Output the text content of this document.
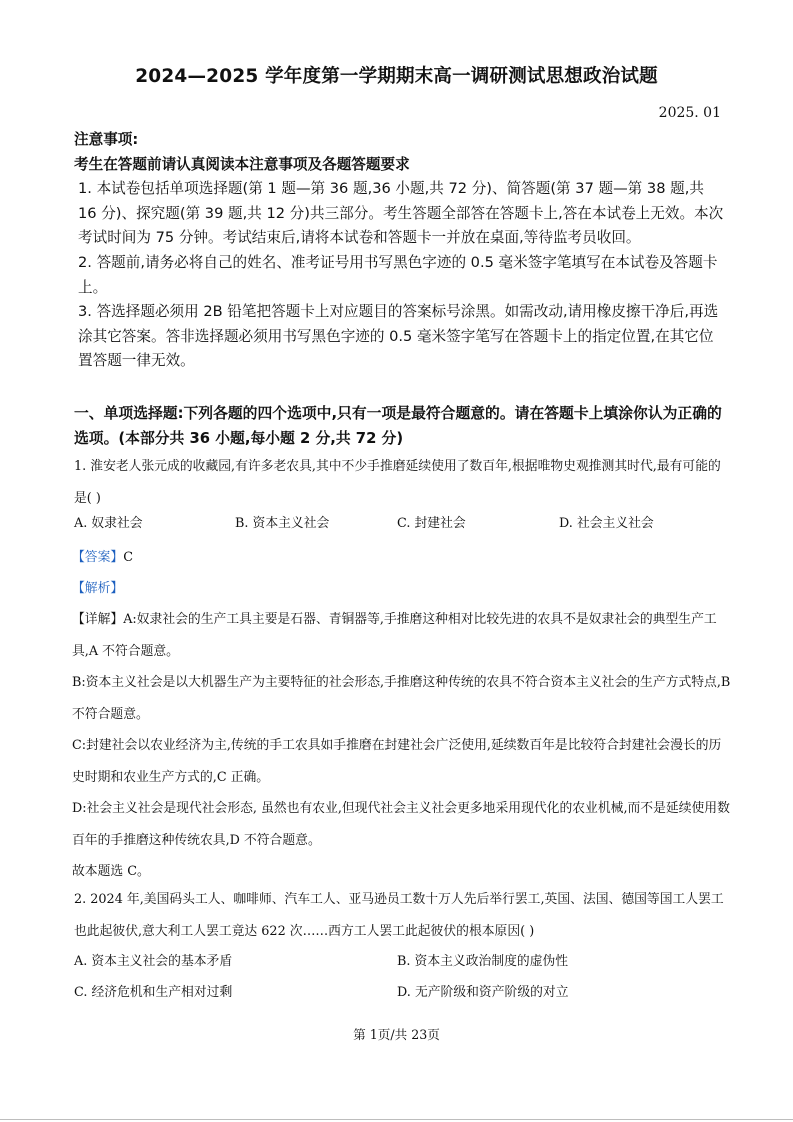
2024—2025 学年度第一学期期末高一调研测试思想政治试题
2025. 01

注意事项:

考生在答题前请认真阅读本注意事项及各题答题要求

1. 本试卷包括单项选择题(第 1 题—第 36 题,36 小题,共 72 分)、简答题(第 37 题—第 38 题,共 16 分)、探究题(第 39 题,共 12 分)共三部分。考生答题全部答在答题卡上,答在本试卷上无效。本次考试时间为 75 分钟。考试结束后,请将本试卷和答题卡一并放在桌面,等待监考员收回。

2. 答题前,请务必将自己的姓名、准考证号用书写黑色字迹的 0.5 毫米签字笔填写在本试卷及答题卡上。

3. 答选择题必须用 2B 铅笔把答题卡上对应题目的答案标号涂黑。如需改动,请用橡皮擦干净后,再选涂其它答案。答非选择题必须用书写黑色字迹的 0.5 毫米签字笔写在答题卡上的指定位置,在其它位置答题一律无效。

一、单项选择题:下列各题的四个选项中,只有一项是最符合题意的。请在答题卡上填涂你认为正确的选项。(本部分共 36 小题,每小题 2 分,共 72 分)

1. 淮安老人张元成的收藏园,有许多老农具,其中不少手推磨延续使用了数百年,根据唯物史观推测其时代,最有可能的是( )

A. 奴隶社会	B. 资本主义社会	C. 封建社会	D. 社会主义社会
【答案】C
【解析】

【详解】A:奴隶社会的生产工具主要是石器、青铜器等,手推磨这种相对比较先进的农具不是奴隶社会的典型生产工具,A 不符合题意。

B:资本主义社会是以大机器生产为主要特征的社会形态,手推磨这种传统的农具不符合资本主义社会的生产方式特点,B 不符合题意。

C:封建社会以农业经济为主,传统的手工农具如手推磨在封建社会广泛使用,延续数百年是比较符合封建社会漫长的历史时期和农业生产方式的,C 正确。

D:社会主义社会是现代社会形态, 虽然也有农业,但现代社会主义社会更多地采用现代化的农业机械,而不是延续使用数百年的手推磨这种传统农具,D 不符合题意。

故本题选 C。

2. 2024 年,美国码头工人、咖啡师、汽车工人、亚马逊员工数十万人先后举行罢工,英国、法国、德国等国工人罢工也此起彼伏,意大利工人罢工竟达 622 次……西方工人罢工此起彼伏的根本原因( )

A. 资本主义社会的基本矛盾	B. 资本主义政治制度的虚伪性
C. 经济危机和生产相对过剩	D. 无产阶级和资产阶级的对立
第 1页/共 23页
